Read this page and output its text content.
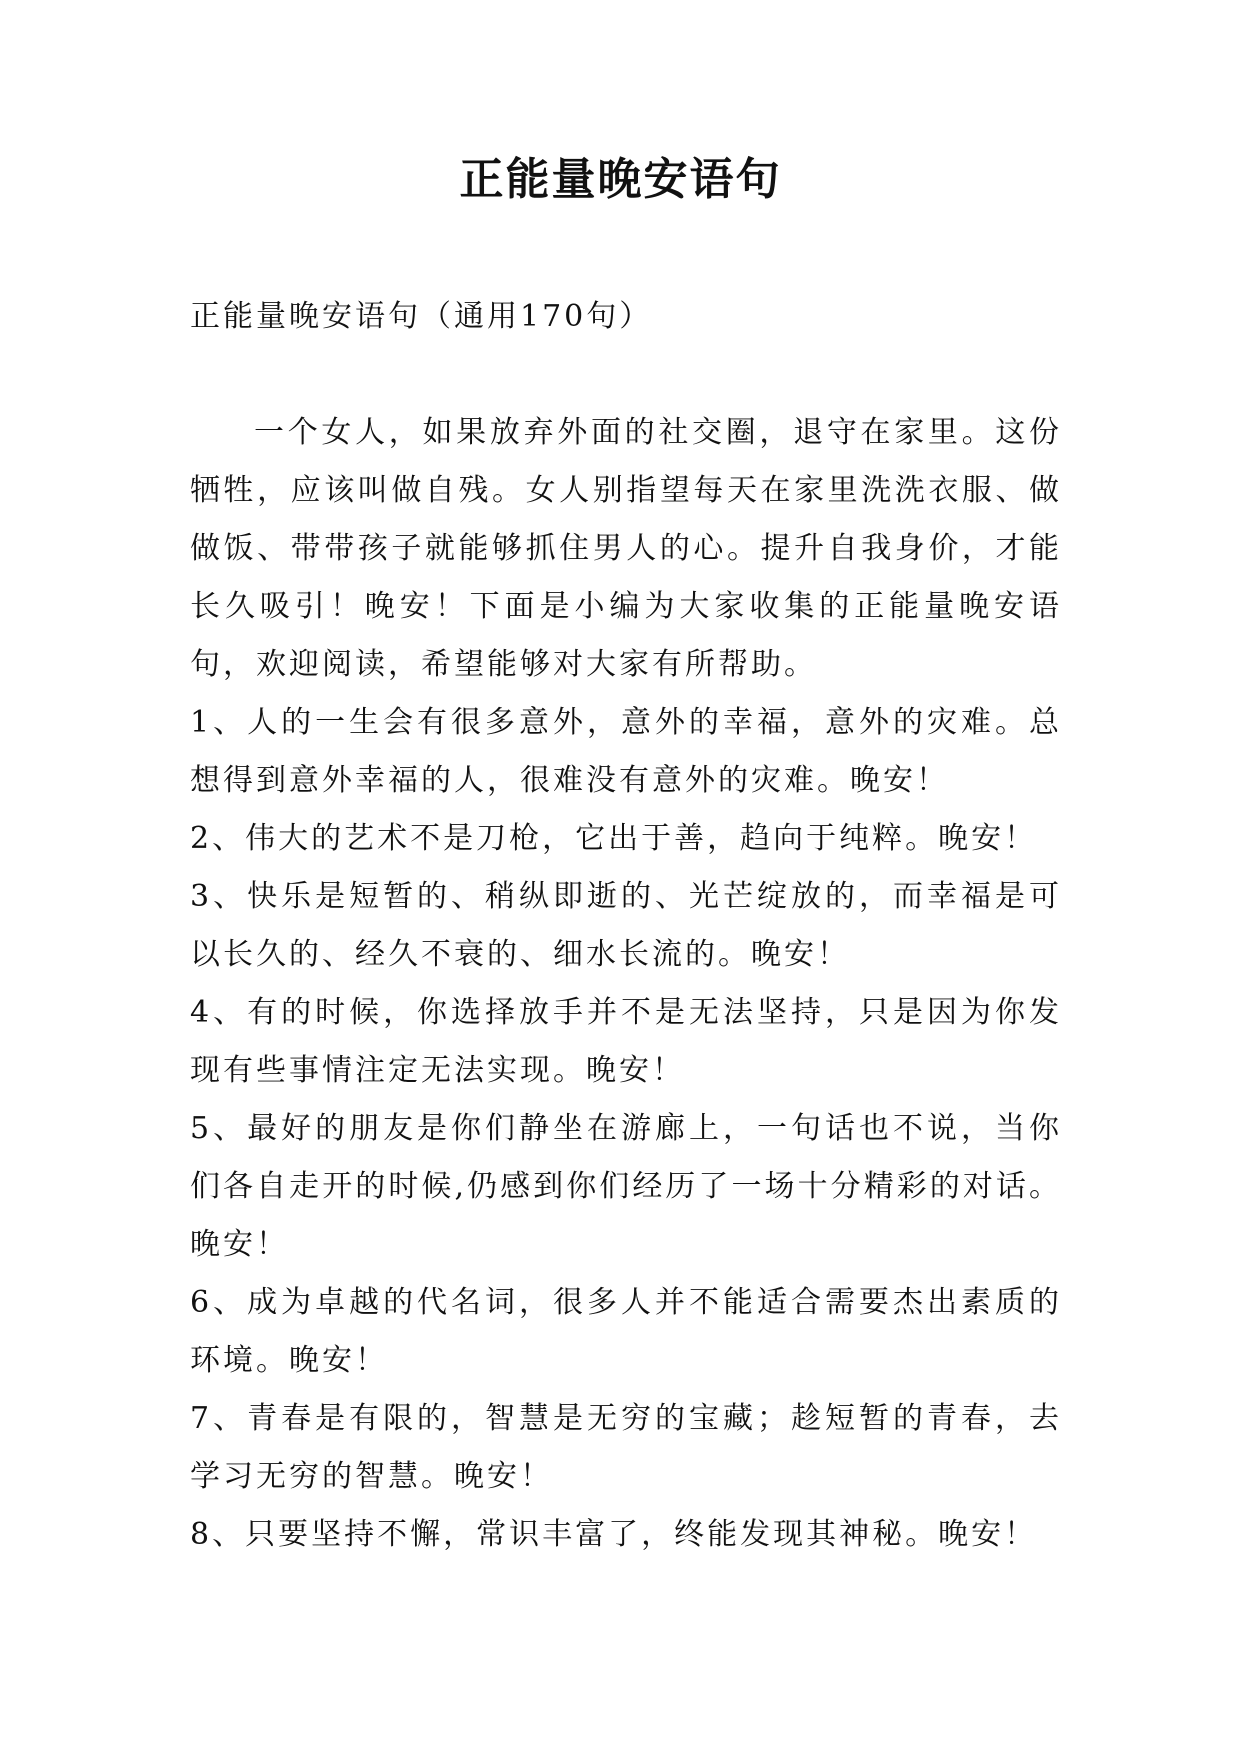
正能量晚安语句

正能量晚安语句（通用170句）

一个女人，如果放弃外面的社交圈，退守在家里。这份牺牲，应该叫做自残。女人别指望每天在家里洗洗衣服、做做饭、带带孩子就能够抓住男人的心。提升自我身价，才能长久吸引！晚安！下面是小编为大家收集的正能量晚安语句，欢迎阅读，希望能够对大家有所帮助。

1、人的一生会有很多意外，意外的幸福，意外的灾难。总想得到意外幸福的人，很难没有意外的灾难。晚安！
2、伟大的艺术不是刀枪，它出于善，趋向于纯粹。晚安！
3、快乐是短暂的、稍纵即逝的、光芒绽放的，而幸福是可以长久的、经久不衰的、细水长流的。晚安！
4、有的时候，你选择放手并不是无法坚持，只是因为你发现有些事情注定无法实现。晚安！
5、最好的朋友是你们静坐在游廊上，一句话也不说，当你们各自走开的时候,仍感到你们经历了一场十分精彩的对话。晚安！
6、成为卓越的代名词，很多人并不能适合需要杰出素质的环境。晚安！
7、青春是有限的，智慧是无穷的宝藏；趁短暂的青春，去学习无穷的智慧。晚安！
8、只要坚持不懈，常识丰富了，终能发现其神秘。晚安！
